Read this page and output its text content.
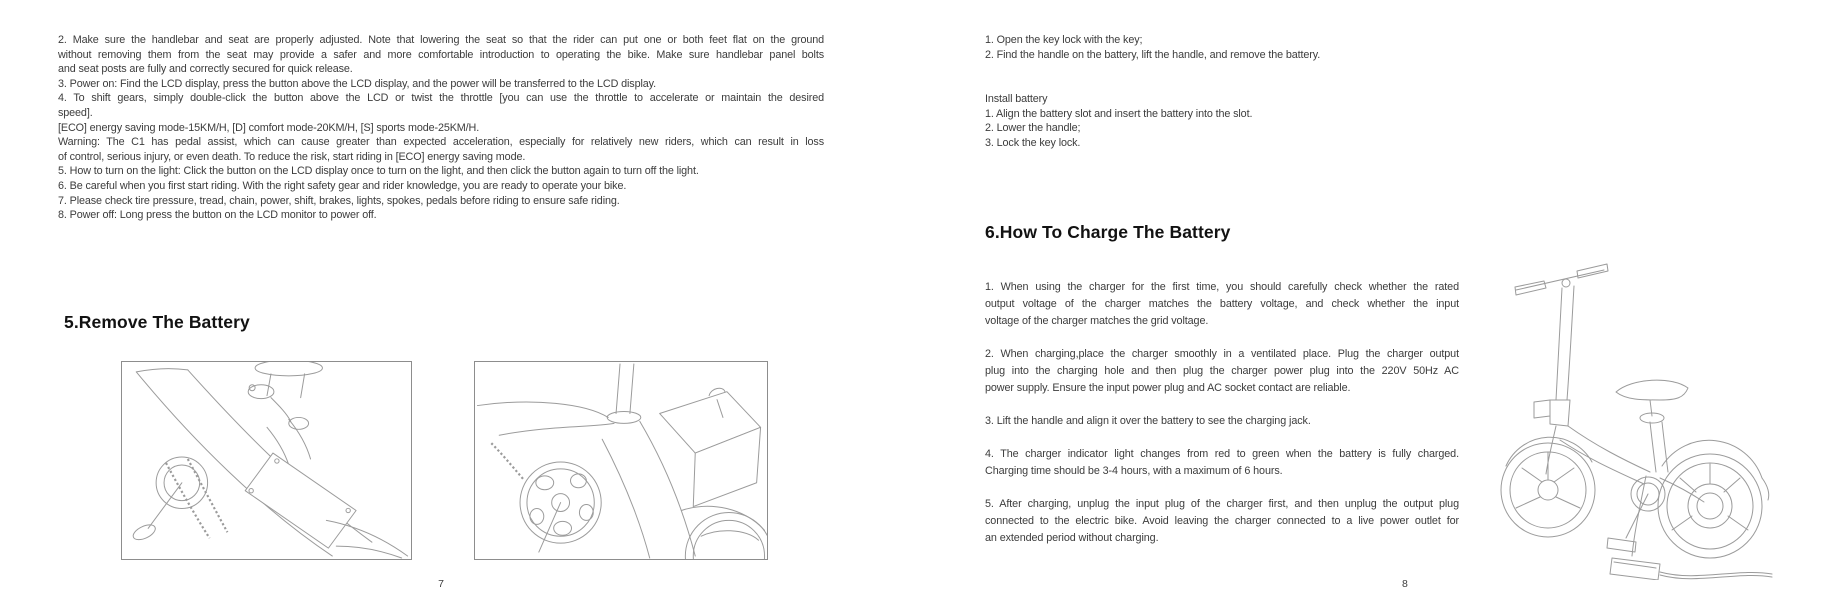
2. Make sure the handlebar and seat are properly adjusted. Note that lowering the seat so that the rider can put one or both feet flat on the ground
without removing them from the seat may provide a safer and more comfortable introduction to operating the bike. Make sure handlebar panel bolts
and seat posts are fully and correctly secured for quick release.
3. Power on: Find the LCD display, press the button above the LCD display, and the power will be transferred to the LCD display.
4. To shift gears, simply double-click the button above the LCD or twist the throttle [you can use the throttle to accelerate or maintain the desired
speed].
[ECO] energy saving mode-15KM/H, [D] comfort mode-20KM/H, [S] sports mode-25KM/H.
Warning: The C1 has pedal assist, which can cause greater than expected acceleration, especially for relatively new riders, which can result in loss
of control, serious injury, or even death. To reduce the risk, start riding in [ECO] energy saving mode.
5. How to turn on the light: Click the button on the LCD display once to turn on the light, and then click the button again to turn off the light.
6. Be careful when you first start riding. With the right safety gear and rider knowledge, you are ready to operate your bike.
7. Please check tire pressure, tread, chain, power, shift, brakes, lights, spokes, pedals before riding to ensure safe riding.
8. Power off: Long press the button on the LCD monitor to power off.
5.Remove The Battery
7
1. Open the key lock with the key;
2. Find the handle on the battery, lift the handle, and remove the battery.
Install battery
1. Align the battery slot and insert the battery into the slot.
2. Lower the handle;
3. Lock the key lock.
6.How To Charge The Battery
1. When using the charger for the first time, you should carefully check whether the rated
output voltage of the charger matches the battery voltage, and check whether the input
voltage of the charger matches the grid voltage.
2. When charging,place the charger smoothly in a ventilated place. Plug the charger output
plug into the charging hole and then plug the charger power plug into the 220V 50Hz AC
power supply. Ensure the input power plug and AC socket contact are reliable.
3. Lift the handle and align it over the battery to see the charging jack.
4. The charger indicator light changes from red to green when the battery is fully charged.
Charging time should be 3-4 hours, with a maximum of 6 hours.
5. After charging, unplug the input plug of the charger first, and then unplug the output plug
connected to the electric bike. Avoid leaving the charger connected to a live power outlet for
an extended period without charging.
8
